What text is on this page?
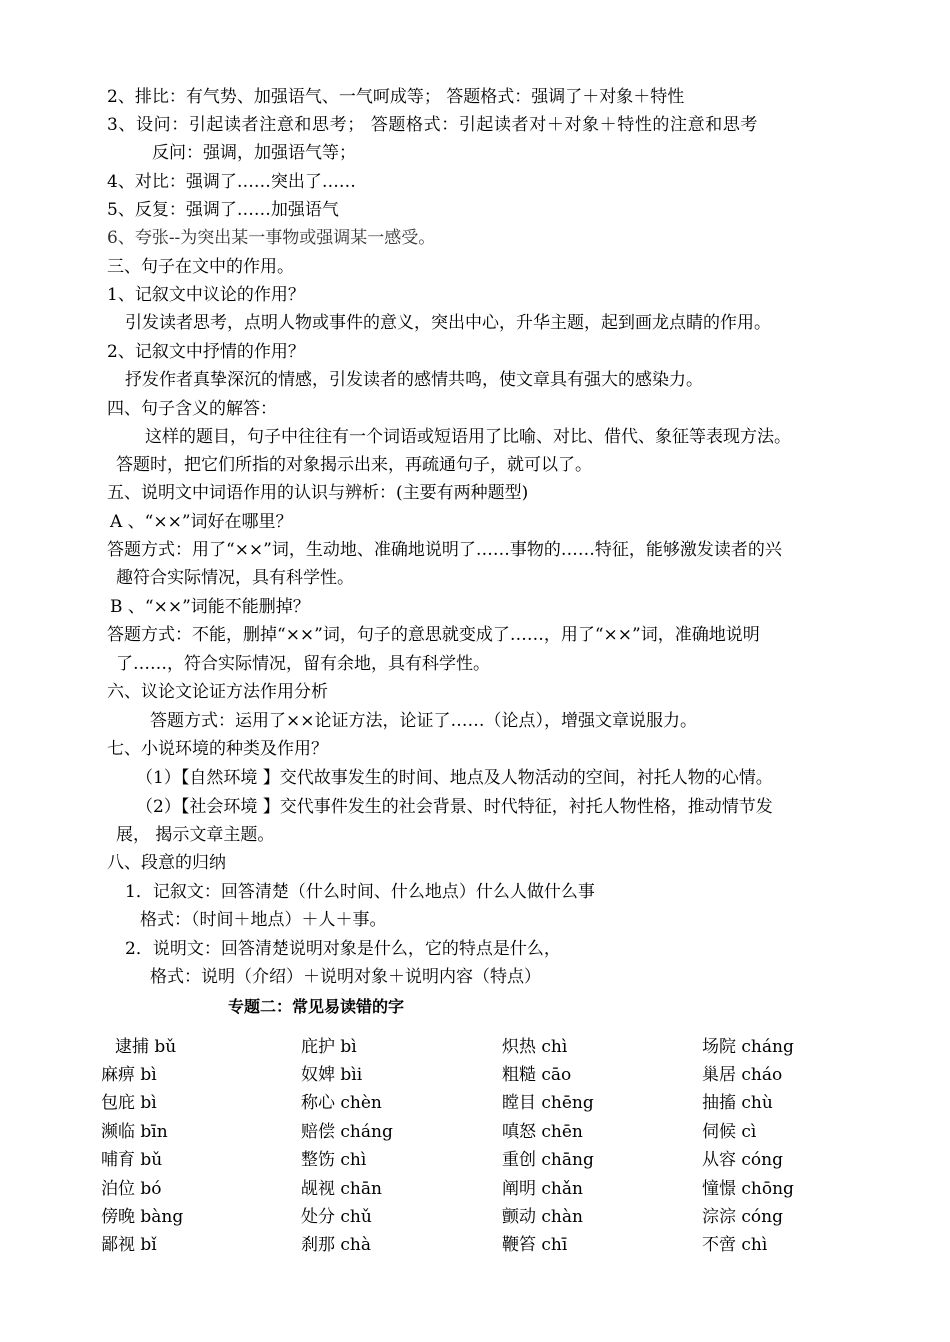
2、排比：有气势、加强语气、一气呵成等； 答题格式：强调了＋对象＋特性
3、设问：引起读者注意和思考； 答题格式：引起读者对＋对象＋特性的注意和思考
反问：强调，加强语气等；
4、对比：强调了……突出了……
5、反复：强调了……加强语气
6、夸张--为突出某一事物或强调某一感受。
三、句子在文中的作用。
1、记叙文中议论的作用？
引发读者思考，点明人物或事件的意义，突出中心，升华主题，起到画龙点睛的作用。
2、记叙文中抒情的作用？
抒发作者真挚深沉的情感，引发读者的感情共鸣，使文章具有强大的感染力。
四、句子含义的解答：
这样的题目，句子中往往有一个词语或短语用了比喻、对比、借代、象征等表现方法。
答题时，把它们所指的对象揭示出来，再疏通句子，就可以了。
五、说明文中词语作用的认识与辨析：(主要有两种题型)
A 、“××”词好在哪里？
答题方式：用了“××”词，生动地、准确地说明了……事物的……特征，能够激发读者的兴
趣符合实际情况，具有科学性。
B 、“××”词能不能删掉？
答题方式：不能，删掉“××”词，句子的意思就变成了……，用了“××”词，准确地说明
了……，符合实际情况，留有余地，具有科学性。
六、议论文论证方法作用分析
答题方式：运用了××论证方法，论证了……（论点），增强文章说服力。
七、小说环境的种类及作用？
（1）【自然环境 】交代故事发生的时间、地点及人物活动的空间，衬托人物的心情。
（2）【社会环境 】交代事件发生的社会背景、时代特征，衬托人物性格，推动情节发
展， 揭示文章主题。
八、段意的归纳
1．记叙文：回答清楚（什么时间、什么地点）什么人做什么事
格式：（时间＋地点）＋人＋事。
2．说明文：回答清楚说明对象是什么，它的特点是什么，
格式：说明（介绍）＋说明对象＋说明内容（特点）
专题二：常见易读错的字
逮捕 bǔ
麻痹 bì
包庇 bì
濒临 bīn
哺育 bǔ
泊位 bó
傍晚 bàng
鄙视 bǐ
庇护 bì
奴婢 bìi
称心 chèn
赔偿 cháng
整饬 chì
觇视 chān
处分 chǔ
刹那 chà
炽热 chì
粗糙 cāo
瞠目 chēng
嗔怒 chēn
重创 chāng
阐明 chǎn
颤动 chàn
鞭笞 chī
场院 cháng
巢居 cháo
抽搐 chù
伺候 cì
从容 cóng
憧憬 chōng
淙淙 cóng
不啻 chì
